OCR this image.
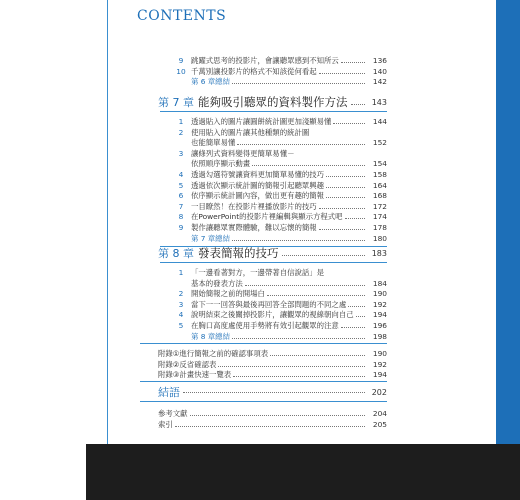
CONTENTS
9	跳躍式思考的投影片，會讓聽眾感到不知所云	136
10 千萬別讓投影片的格式不知該從何看起	140
第 6 章總結	142
第 7 章 能夠吸引聽眾的資料製作方法	143
1	透過貼入的圖片讓圓餅統計圖更加淺顯易懂	144
2	使用貼入的圖片讓其他種類的統計圖
也能簡單易懂	152
3	讓條列式資料變得更簡單易懂－
依照順序顯示動畫	154
4	透過勾選符號讓資料更加簡單易懂的技巧	158
5	透過依次顯示統計圖的簡報引起聽眾興趣	164
6	依序顯示統計圖內容，做出更有趣的簡報	168
7	一目瞭然！在投影片裡播放影片的技巧	172
8	在PowerPoint的投影片裡編輯與顯示方程式吧	174
9	製作讓聽眾實際體驗，難以忘懷的簡報	178
第 7 章總結	180
第 8 章 發表簡報的技巧	183
1	「一邊看著對方，一邊帶著自信說話」是
基本的發表方法	184
2	開始簡報之前的開場白	190
3	當下一一回答與最後再回答全部問題的不同之處	192
4	說明結束之後關掉投影片，讓觀眾的視線朝向自己	194
5	在胸口高度處使用手勢將有效引起觀眾的注意	196
第 8 章總結	198
附錄①進行簡報之前的確認事項表	190
附錄②反省確認表	192
附錄③計畫快速一覽表	194
結語	202
參考文獻	204
索引	205
